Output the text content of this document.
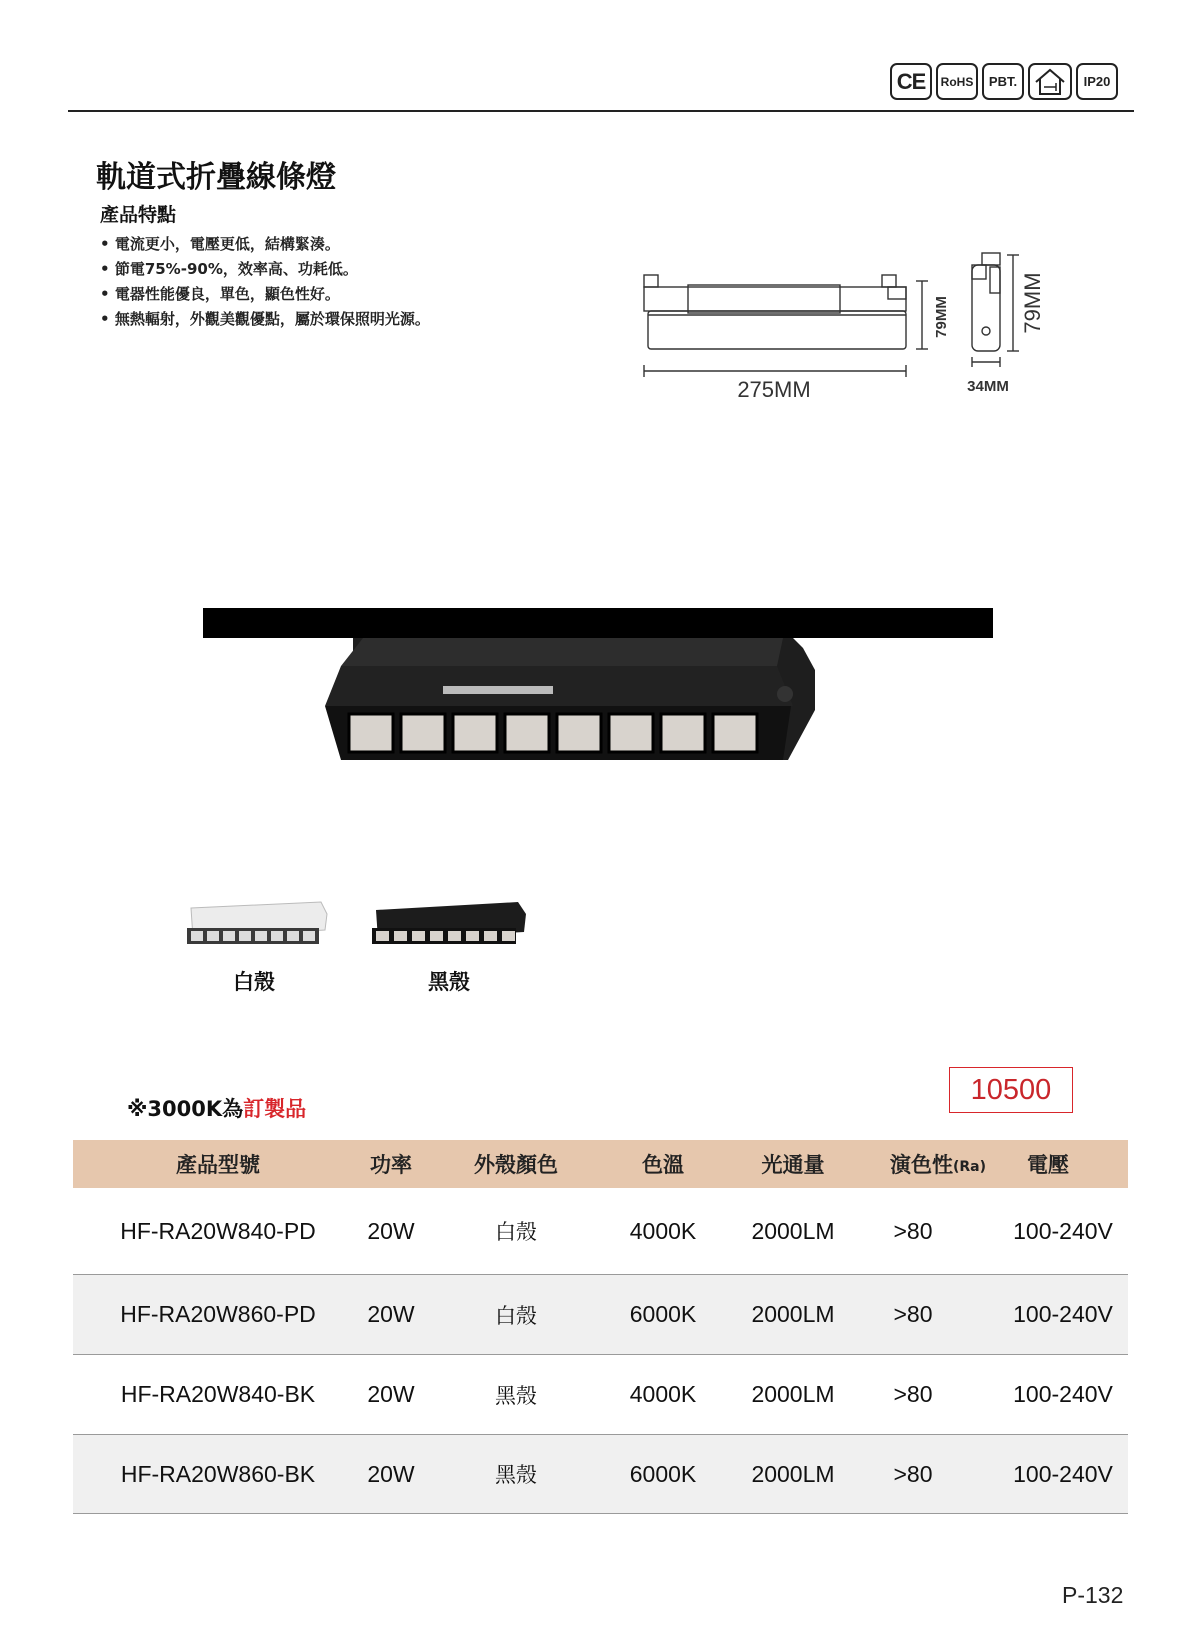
CE	RoHS	PBT.	IP20
軌道式折疊線條燈
產品特點
• 電流更小，電壓更低，結構緊湊。
• 節電75%-90%，效率高、功耗低。
• 電器性能優良，單色，顯色性好。
• 無熱輻射，外觀美觀優點，屬於環保照明光源。
275MM
79MM	79MM
34MM
白殼	黑殼
※3000K為訂製品
10500
產品型號	功率	外殼顏色	色溫	光通量	演色性 (Ra)	電壓
HF-RA20W840-PD	20W	白殼	4000K	2000LM	>80	100-240V
HF-RA20W860-PD	20W	白殼	6000K	2000LM	>80	100-240V
HF-RA20W840-BK	20W	黑殼	4000K	2000LM	>80	100-240V
HF-RA20W860-BK	20W	黑殼	6000K	2000LM	>80	100-240V
P-132
